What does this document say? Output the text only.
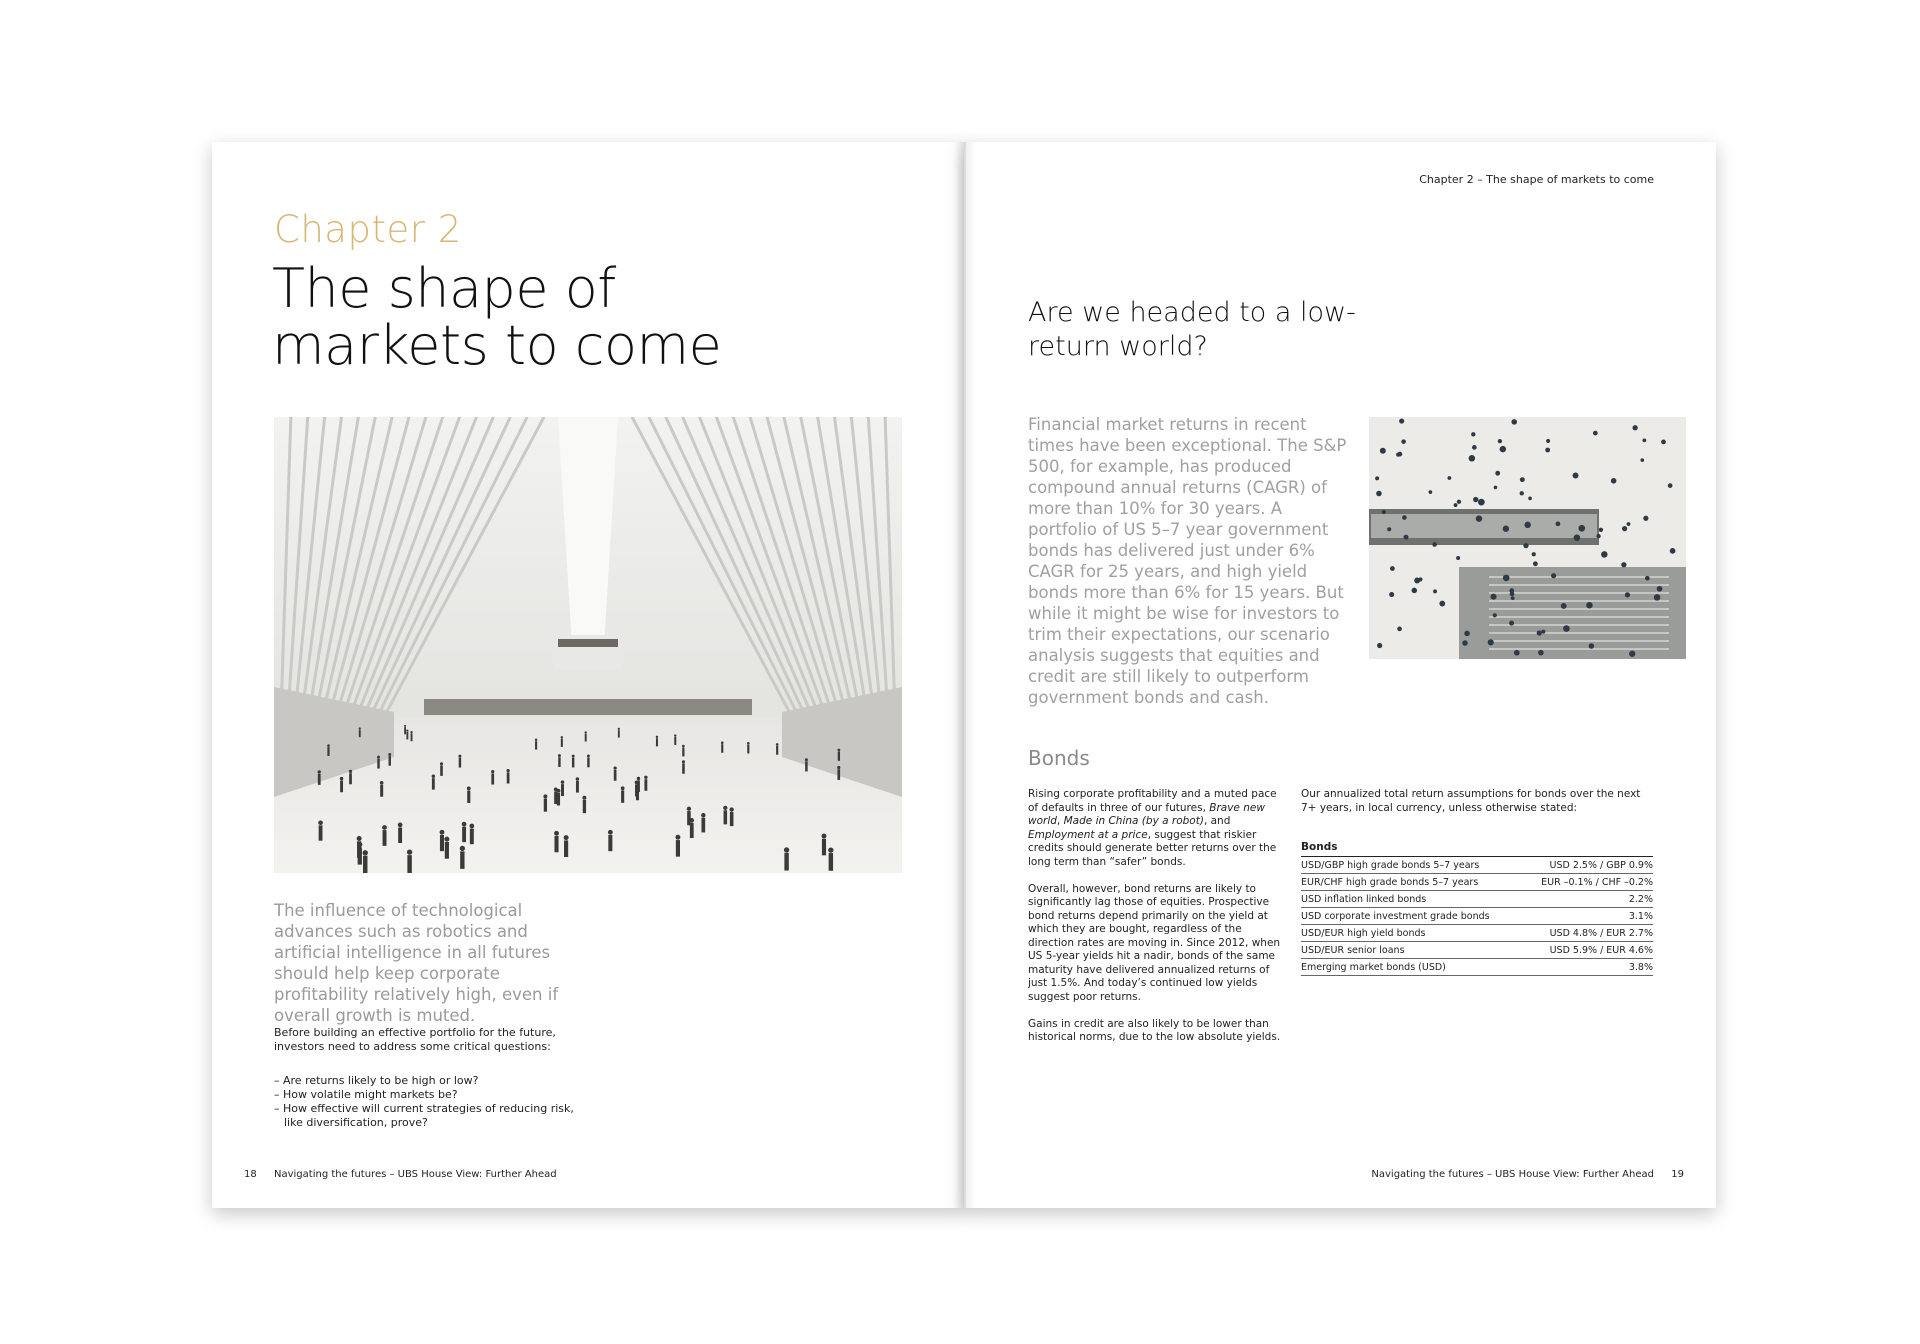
Chapter 2
The shape of markets to come
The influence of technological advances such as robotics and artificial intelligence in all futures should help keep corporate profitability relatively high, even if overall growth is muted.
Before building an effective portfolio for the future, investors need to address some critical questions:
– Are returns likely to be high or low?
– How volatile might markets be?
– How effective will current strategies of reducing risk, like diversification, prove?
18 Navigating the futures – UBS House View: Further Ahead
Chapter 2 – The shape of markets to come
Are we headed to a low-return world?
Financial market returns in recent times have been exceptional. The S&P 500, for example, has produced compound annual returns (CAGR) of more than 10% for 30 years. A portfolio of US 5–7 year government bonds has delivered just under 6% CAGR for 25 years, and high yield bonds more than 6% for 15 years. But while it might be wise for investors to trim their expectations, our scenario analysis suggests that equities and credit are still likely to outperform government bonds and cash.
Bonds

Rising corporate profitability and a muted pace of defaults in three of our futures, Brave new world, Made in China (by a robot), and Employment at a price, suggest that riskier credits should generate better returns over the long term than “safer” bonds.

Overall, however, bond returns are likely to significantly lag those of equities. Prospective bond returns depend primarily on the yield at which they are bought, regardless of the direction rates are moving in. Since 2012, when US 5-year yields hit a nadir, bonds of the same maturity have delivered annualized returns of just 1.5%. And today’s continued low yields suggest poor returns.

Gains in credit are also likely to be lower than historical norms, due to the low absolute yields.

Our annualized total return assumptions for bonds over the next 7+ years, in local currency, unless otherwise stated:
Bonds	
USD/GBP high grade bonds 5–7 years	USD 2.5% / GBP 0.9%
EUR/CHF high grade bonds 5–7 years	EUR –0.1% / CHF –0.2%
USD inflation linked bonds	2.2%
USD corporate investment grade bonds	3.1%
USD/EUR high yield bonds	USD 4.8% / EUR 2.7%
USD/EUR senior loans	USD 5.9% / EUR 4.6%
Emerging market bonds (USD)	3.8%
Navigating the futures – UBS House View: Further Ahead 19
